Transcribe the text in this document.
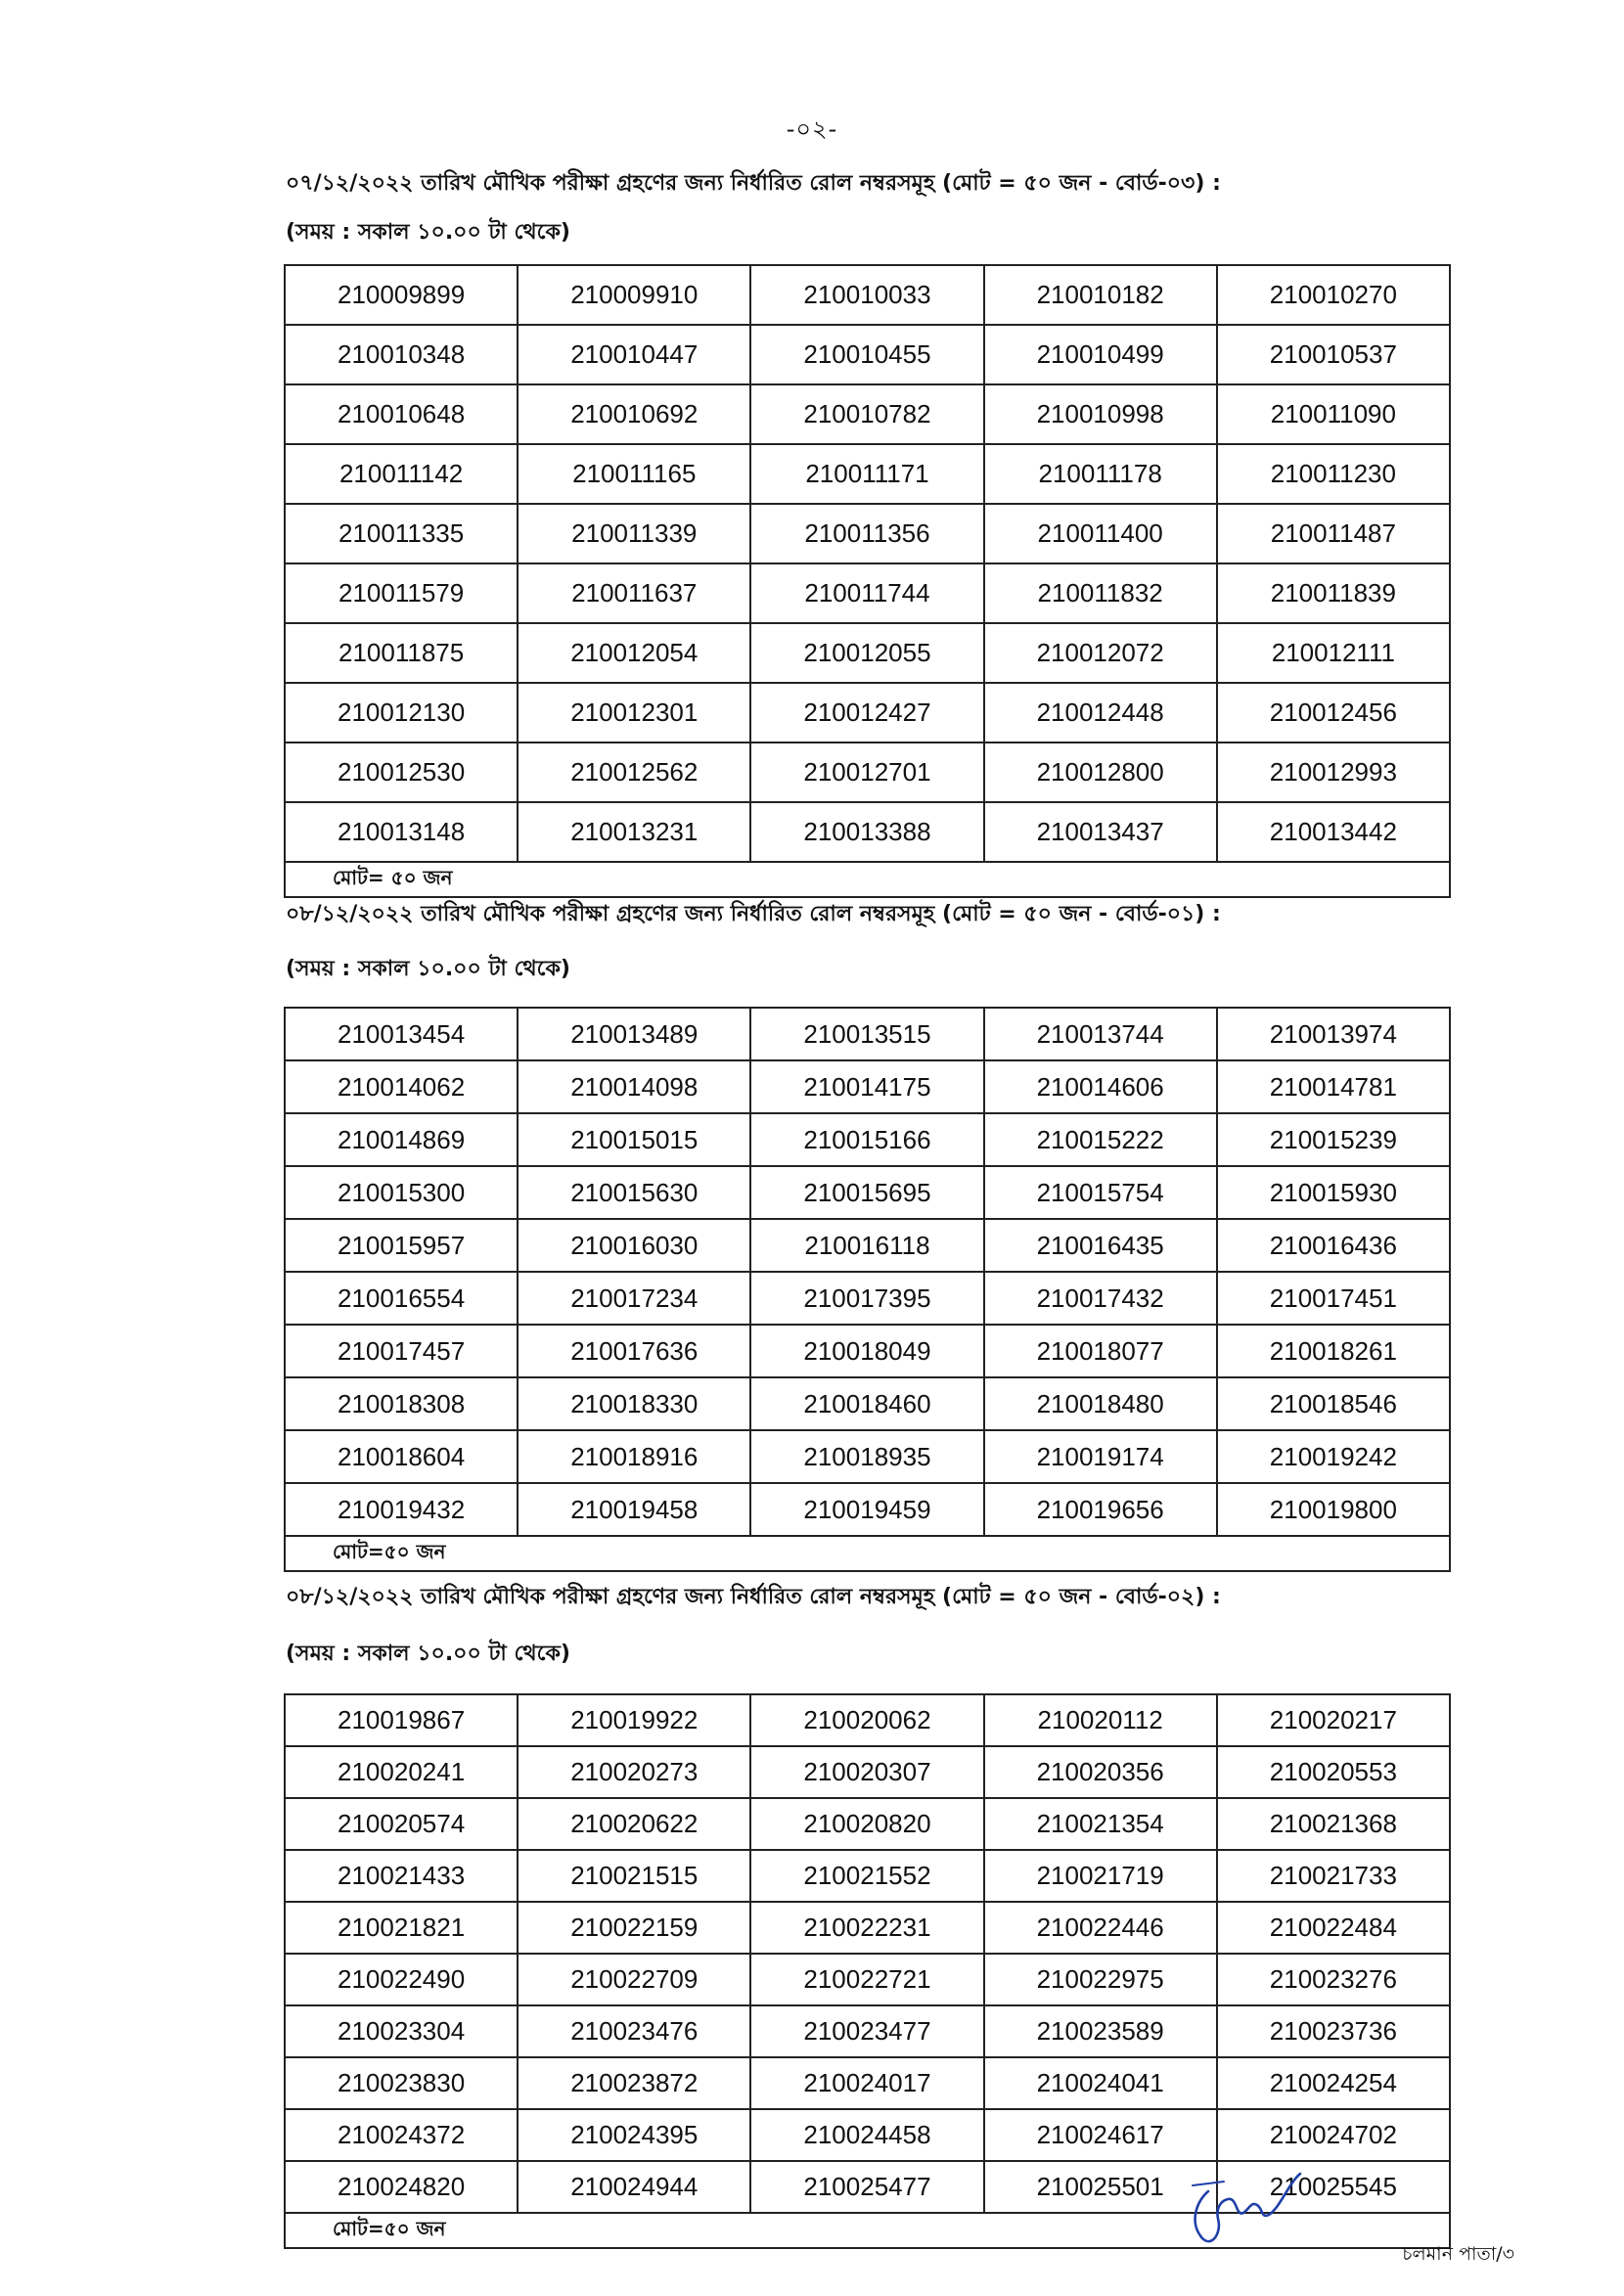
-০২-
০৭/১২/২০২২ তারিখ মৌখিক পরীক্ষা গ্রহণের জন্য নির্ধারিত রোল নম্বরসমূহ (মোট = ৫০ জন - বোর্ড-০৩) :
(সময় : সকাল ১০.০০ টা থেকে)
210009899	210009910	210010033	210010182	210010270
210010348	210010447	210010455	210010499	210010537
210010648	210010692	210010782	210010998	210011090
210011142	210011165	210011171	210011178	210011230
210011335	210011339	210011356	210011400	210011487
210011579	210011637	210011744	210011832	210011839
210011875	210012054	210012055	210012072	210012111
210012130	210012301	210012427	210012448	210012456
210012530	210012562	210012701	210012800	210012993
210013148	210013231	210013388	210013437	210013442
মোট= ৫০ জন				
০৮/১২/২০২২ তারিখ মৌখিক পরীক্ষা গ্রহণের জন্য নির্ধারিত রোল নম্বরসমূহ (মোট = ৫০ জন - বোর্ড-০১) :
(সময় : সকাল ১০.০০ টা থেকে)
210013454	210013489	210013515	210013744	210013974
210014062	210014098	210014175	210014606	210014781
210014869	210015015	210015166	210015222	210015239
210015300	210015630	210015695	210015754	210015930
210015957	210016030	210016118	210016435	210016436
210016554	210017234	210017395	210017432	210017451
210017457	210017636	210018049	210018077	210018261
210018308	210018330	210018460	210018480	210018546
210018604	210018916	210018935	210019174	210019242
210019432	210019458	210019459	210019656	210019800
মোট=৫০ জন				
০৮/১২/২০২২ তারিখ মৌখিক পরীক্ষা গ্রহণের জন্য নির্ধারিত রোল নম্বরসমূহ (মোট = ৫০ জন - বোর্ড-০২) :
(সময় : সকাল ১০.০০ টা থেকে)
210019867	210019922	210020062	210020112	210020217
210020241	210020273	210020307	210020356	210020553
210020574	210020622	210020820	210021354	210021368
210021433	210021515	210021552	210021719	210021733
210021821	210022159	210022231	210022446	210022484
210022490	210022709	210022721	210022975	210023276
210023304	210023476	210023477	210023589	210023736
210023830	210023872	210024017	210024041	210024254
210024372	210024395	210024458	210024617	210024702
210024820	210024944	210025477	210025501	210025545
মোট=৫০ জন				
চলমান পাতা/৩
